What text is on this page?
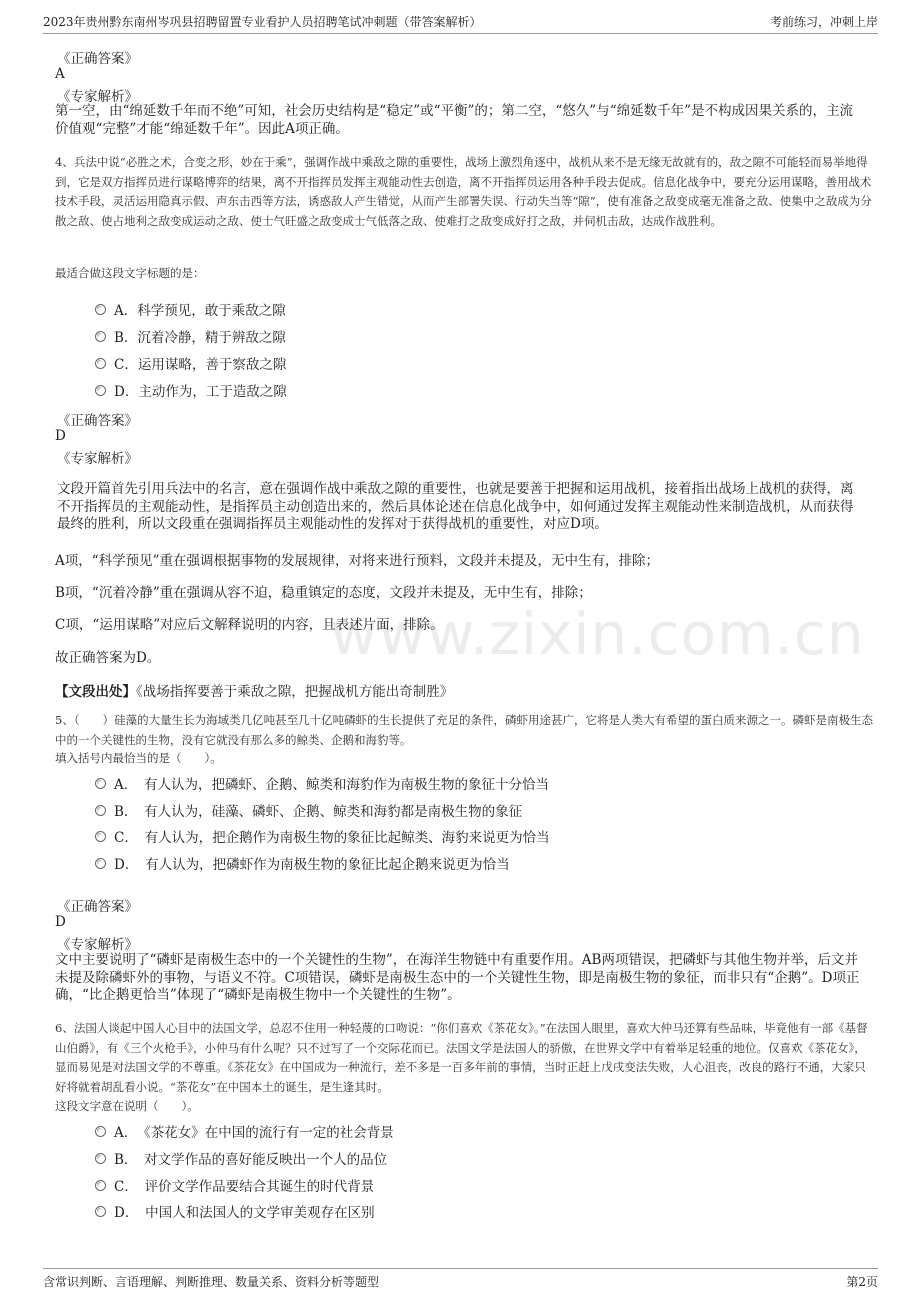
2023年贵州黔东南州岑巩县招聘留置专业看护人员招聘笔试冲刺题（带答案解析）	考前练习，冲刺上岸
www.zixin.com.cn
《正确答案》
A
《专家解析》
第一空，由“绵延数千年而不绝”可知，社会历史结构是“稳定”或“平衡”的；第二空，“悠久”与“绵延数千年”是不构成因果关系的，主流价值观“完整”才能“绵延数千年”。因此A项正确。
4、兵法中说“必胜之术，合变之形，妙在于乘”，强调作战中乘敌之隙的重要性，战场上激烈角逐中，战机从来不是无缘无故就有的，敌之隙不可能轻而易举地得到，它是双方指挥员进行谋略博弈的结果，离不开指挥员发挥主观能动性去创造，离不开指挥员运用各种手段去促成。信息化战争中，要充分运用谋略，善用战术技术手段，灵活运用隐真示假、声东击西等方法，诱惑敌人产生错觉，从而产生部署失误、行动失当等“隙”，使有准备之敌变成毫无准备之敌、使集中之敌成为分散之敌、使占地利之敌变成运动之敌、使士气旺盛之敌变成士气低落之敌、使难打之敌变成好打之敌，并伺机击敌，达成作战胜利。
最适合做这段文字标题的是：
A．科学预见，敢于乘敌之隙
B．沉着冷静，精于辨敌之隙
C．运用谋略，善于察敌之隙
D．主动作为，工于造敌之隙
《正确答案》
D
《专家解析》
文段开篇首先引用兵法中的名言，意在强调作战中乘敌之隙的重要性，也就是要善于把握和运用战机，接着指出战场上战机的获得，离不开指挥员的主观能动性，是指挥员主动创造出来的，然后具体论述在信息化战争中，如何通过发挥主观能动性来制造战机，从而获得最终的胜利，所以文段重在强调指挥员主观能动性的发挥对于获得战机的重要性，对应D项。
A项，“科学预见”重在强调根据事物的发展规律，对将来进行预料，文段并未提及，无中生有，排除；
B项，“沉着冷静”重在强调从容不迫，稳重镇定的态度，文段并未提及，无中生有，排除；
C项，“运用谋略”对应后文解释说明的内容，且表述片面，排除。
故正确答案为D。
【文段出处】《战场指挥要善于乘敌之隙，把握战机方能出奇制胜》
5、（　　）硅藻的大量生长为海域类几亿吨甚至几十亿吨磷虾的生长提供了充足的条件，磷虾用途甚广，它将是人类大有希望的蛋白质来源之一。磷虾是南极生态中的一个关键性的生物，没有它就没有那么多的鲸类、企鹅和海豹等。
填入括号内最恰当的是（　　）。
A．　有人认为，把磷虾、企鹅、鲸类和海豹作为南极生物的象征十分恰当
B．　有人认为，硅藻、磷虾、企鹅、鲸类和海豹都是南极生物的象征
C．　有人认为，把企鹅作为南极生物的象征比起鲸类、海豹来说更为恰当
D．　有人认为，把磷虾作为南极生物的象征比起企鹅来说更为恰当
《正确答案》
D
《专家解析》
文中主要说明了“磷虾是南极生态中的一个关键性的生物”，在海洋生物链中有重要作用。AB两项错误，把磷虾与其他生物并举，后文并未提及除磷虾外的事物，与语义不符。C项错误，磷虾是南极生态中的一个关键性生物，即是南极生物的象征，而非只有“企鹅”。D项正确，“比企鹅更恰当”体现了“磷虾是南极生物中一个关键性的生物”。
6、法国人谈起中国人心目中的法国文学，总忍不住用一种轻蔑的口吻说：“你们喜欢《茶花女》。”在法国人眼里，喜欢大仲马还算有些品味，毕竟他有一部《基督山伯爵》，有《三个火枪手》，小仲马有什么呢？只不过写了一个交际花而已。法国文学是法国人的骄傲，在世界文学中有着举足轻重的地位。仅喜欢《茶花女》，显而易见是对法国文学的不尊重。《茶花女》在中国成为一种流行，差不多是一百多年前的事情，当时正赶上戊戌变法失败，人心沮丧，改良的路行不通，大家只好将就着胡乱看小说。“茶花女”在中国本土的诞生，是生逢其时。
这段文字意在说明（　　）。
A．　《茶花女》在中国的流行有一定的社会背景
B．　对文学作品的喜好能反映出一个人的品位
C．　评价文学作品要结合其诞生的时代背景
D．　中国人和法国人的文学审美观存在区别
含常识判断、言语理解、判断推理、数量关系、资料分析等题型	第2页
